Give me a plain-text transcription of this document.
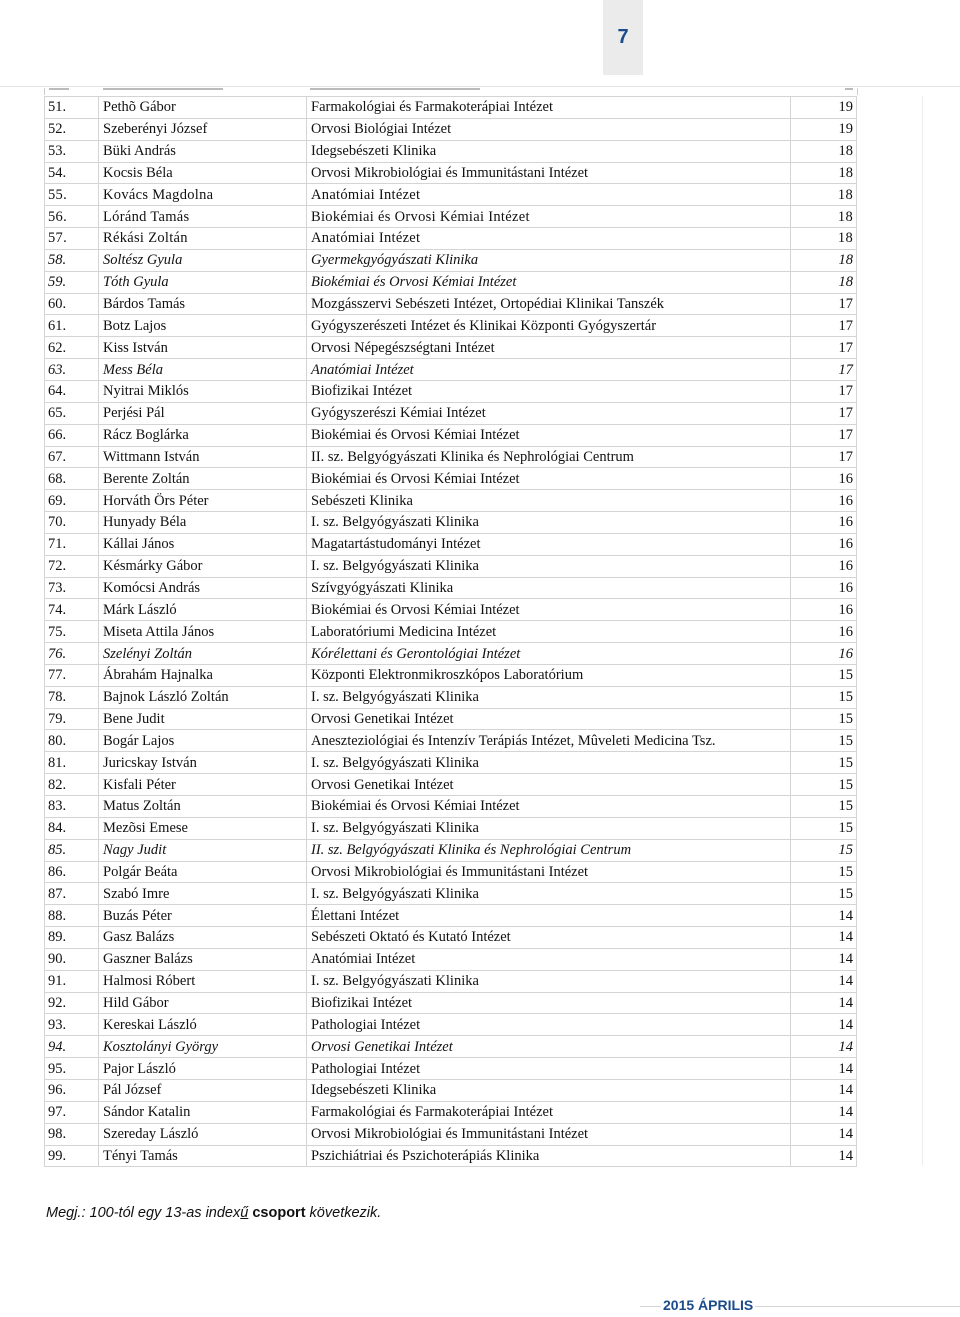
7
51.	Pethõ Gábor	Farmakológiai és Farmakoterápiai Intézet	19
52.	Szeberényi József	Orvosi Biológiai Intézet	19
53.	Büki András	Idegsebészeti Klinika	18
54.	Kocsis Béla	Orvosi Mikrobiológiai és Immunitástani Intézet	18
55.	Kovács Magdolna	Anatómiai Intézet	18
56.	Lóránd Tamás	Biokémiai és Orvosi Kémiai Intézet	18
57.	Rékási Zoltán	Anatómiai Intézet	18
58.	Soltész Gyula	Gyermekgyógyászati Klinika	18
59.	Tóth Gyula	Biokémiai és Orvosi Kémiai Intézet	18
60.	Bárdos Tamás	Mozgásszervi Sebészeti Intézet, Ortopédiai Klinikai Tanszék	17
61.	Botz Lajos	Gyógyszerészeti Intézet és Klinikai Központi Gyógyszertár	17
62.	Kiss István	Orvosi Népegészségtani Intézet	17
63.	Mess Béla	Anatómiai Intézet	17
64.	Nyitrai Miklós	Biofizikai Intézet	17
65.	Perjési Pál	Gyógyszerészi Kémiai Intézet	17
66.	Rácz Boglárka	Biokémiai és Orvosi Kémiai Intézet	17
67.	Wittmann István	II. sz. Belgyógyászati Klinika és Nephrológiai Centrum	17
68.	Berente Zoltán	Biokémiai és Orvosi Kémiai Intézet	16
69.	Horváth Örs Péter	Sebészeti Klinika	16
70.	Hunyady Béla	I. sz. Belgyógyászati Klinika	16
71.	Kállai János	Magatartástudományi Intézet	16
72.	Késmárky Gábor	I. sz. Belgyógyászati Klinika	16
73.	Komócsi András	Szívgyógyászati Klinika	16
74.	Márk László	Biokémiai és Orvosi Kémiai Intézet	16
75.	Miseta Attila János	Laboratóriumi Medicina Intézet	16
76.	Szelényi Zoltán	Kórélettani és Gerontológiai Intézet	16
77.	Ábrahám Hajnalka	Központi Elektronmikroszkópos Laboratórium	15
78.	Bajnok László Zoltán	I. sz. Belgyógyászati Klinika	15
79.	Bene Judit	Orvosi Genetikai Intézet	15
80.	Bogár Lajos	Aneszteziológiai és Intenzív Terápiás Intézet, Mûveleti Medicina Tsz.	15
81.	Juricskay István	I. sz. Belgyógyászati Klinika	15
82.	Kisfali Péter	Orvosi Genetikai Intézet	15
83.	Matus Zoltán	Biokémiai és Orvosi Kémiai Intézet	15
84.	Mezõsi Emese	I. sz. Belgyógyászati Klinika	15
85.	Nagy Judit	II. sz. Belgyógyászati Klinika és Nephrológiai Centrum	15
86.	Polgár Beáta	Orvosi Mikrobiológiai és Immunitástani Intézet	15
87.	Szabó Imre	I. sz. Belgyógyászati Klinika	15
88.	Buzás Péter	Élettani Intézet	14
89.	Gasz Balázs	Sebészeti Oktató és Kutató Intézet	14
90.	Gaszner Balázs	Anatómiai Intézet	14
91.	Halmosi Róbert	I. sz. Belgyógyászati Klinika	14
92.	Hild Gábor	Biofizikai Intézet	14
93.	Kereskai László	Pathologiai Intézet	14
94.	Kosztolányi György	Orvosi Genetikai Intézet	14
95.	Pajor László	Pathologiai Intézet	14
96.	Pál József	Idegsebészeti Klinika	14
97.	Sándor Katalin	Farmakológiai és Farmakoterápiai Intézet	14
98.	Szereday László	Orvosi Mikrobiológiai és Immunitástani Intézet	14
99.	Tényi Tamás	Pszichiátriai és Pszichoterápiás Klinika	14
Megj.: 100-tól egy 13-as indexű csoport következik.
2015 ÁPRILIS
